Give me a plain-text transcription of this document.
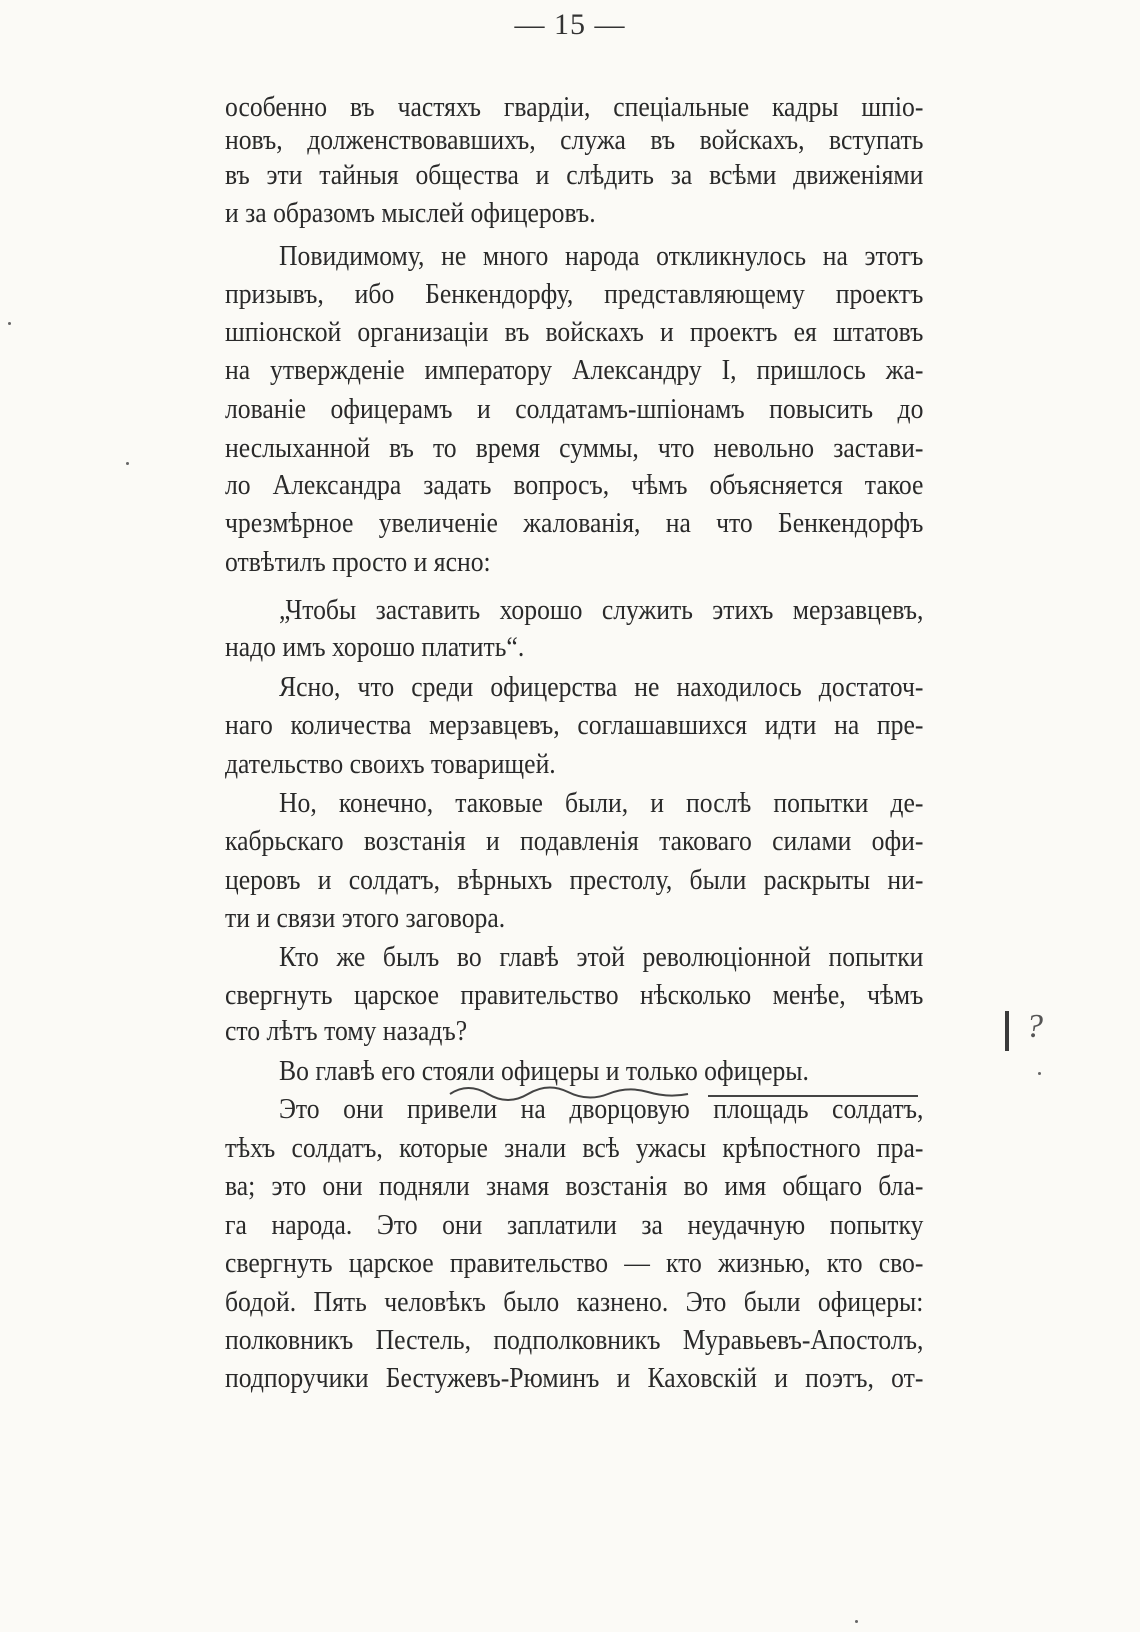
— 15 —
особенно въ частяхъ гвардіи, спеціальные кадры шпіо-
новъ, долженствовавшихъ, служа въ войскахъ, вступать
въ эти тайныя общества и слѣдить за всѣми движеніями
и за образомъ мыслей офицеровъ.
Повидимому, не много народа откликнулось на этотъ
призывъ, ибо Бенкендорфу, представляющему проектъ
шпіонской организаціи въ войскахъ и проектъ ея штатовъ
на утвержденіе императору Александру I, пришлось жа-
лованіе офицерамъ и солдатамъ-шпіонамъ повысить до
неслыханной въ то время суммы, что невольно застави-
ло Александра задать вопросъ, чѣмъ объясняется такое
чрезмѣрное увеличеніе жалованія, на что Бенкендорфъ
отвѣтилъ просто и ясно:
„Чтобы заставить хорошо служить этихъ мерзавцевъ,
надо имъ хорошо платить“.
Ясно, что среди офицерства не находилось достаточ-
наго количества мерзавцевъ, соглашавшихся идти на пре-
дательство своихъ товарищей.
Но, конечно, таковые были, и послѣ попытки де-
кабрьскаго возстанія и подавленія таковаго силами офи-
церовъ и солдатъ, вѣрныхъ престолу, были раскрыты ни-
ти и связи этого заговора.
Кто же былъ во главѣ этой революціонной попытки
свергнуть царское правительство нѣсколько менѣе, чѣмъ
сто лѣтъ тому назадъ?
Во главѣ его стояли офицеры и только офицеры.
Это они привели на дворцовую площадь солдатъ,
тѣхъ солдатъ, которые знали всѣ ужасы крѣпостного пра-
ва; это они подняли знамя возстанія во имя общаго бла-
га народа. Это они заплатили за неудачную попытку
свергнуть царское правительство — кто жизнью, кто сво-
бодой. Пять человѣкъ было казнено. Это были офицеры:
полковникъ Пестель, подполковникъ Муравьевъ-Апостолъ,
подпоручики Бестужевъ-Рюминъ и Каховскій и поэтъ, от-
?
